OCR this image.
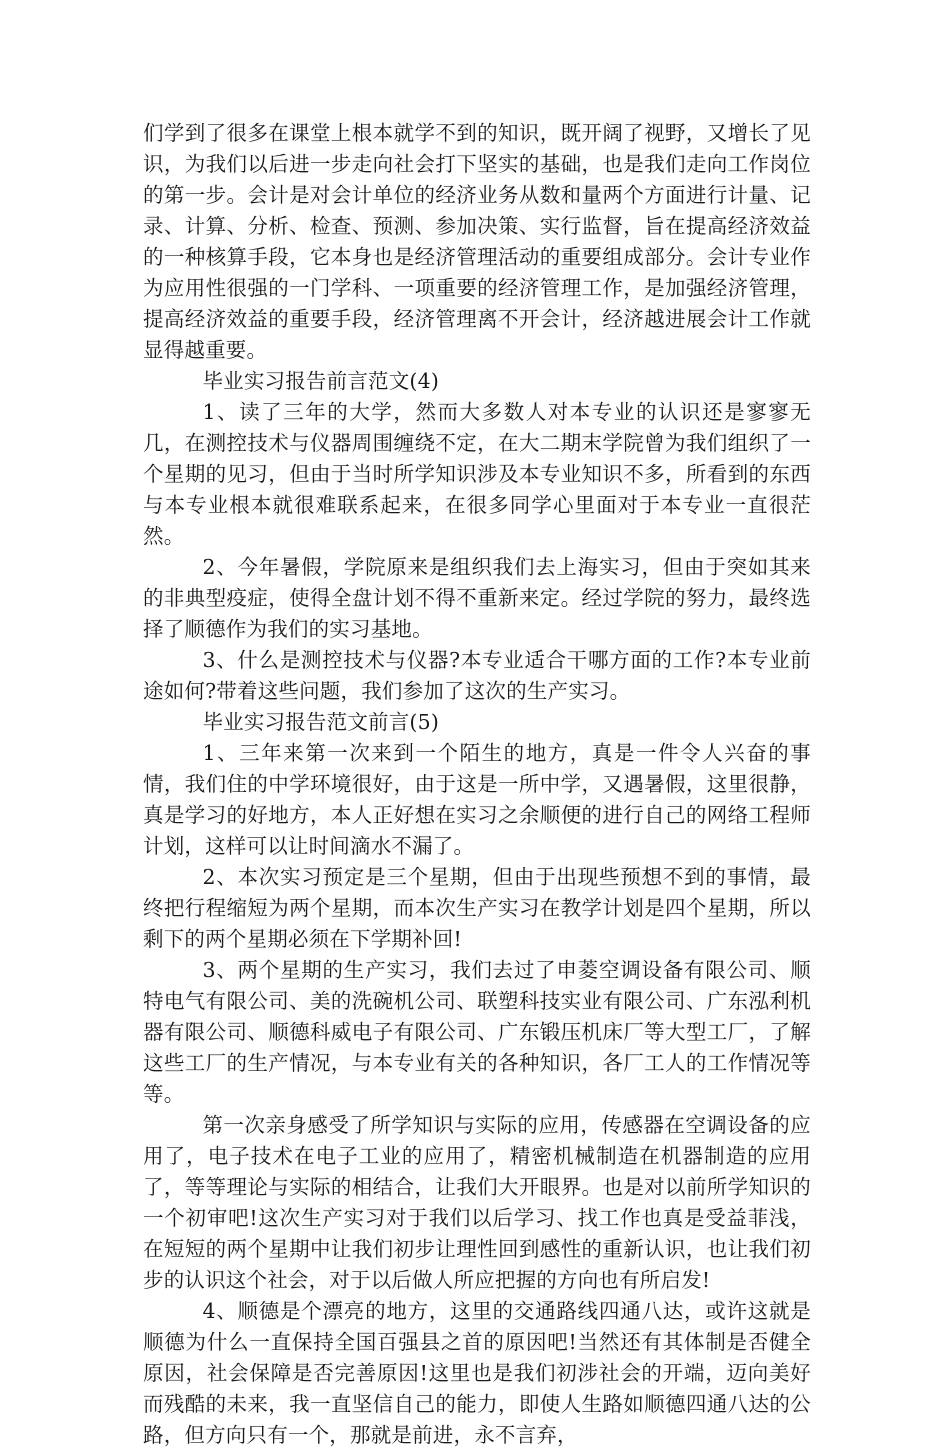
们学到了很多在课堂上根本就学不到的知识，既开阔了视野，又增长了见识，为我们以后进一步走向社会打下坚实的基础，也是我们走向工作岗位的第一步。会计是对会计单位的经济业务从数和量两个方面进行计量、记录、计算、分析、检查、预测、参加决策、实行监督，旨在提高经济效益的一种核算手段，它本身也是经济管理活动的重要组成部分。会计专业作为应用性很强的一门学科、一项重要的经济管理工作，是加强经济管理，提高经济效益的重要手段，经济管理离不开会计，经济越进展会计工作就显得越重要。

毕业实习报告前言范文(4)

1、读了三年的大学，然而大多数人对本专业的认识还是寥寥无几，在测控技术与仪器周围缠绕不定，在大二期末学院曾为我们组织了一个星期的见习，但由于当时所学知识涉及本专业知识不多，所看到的东西与本专业根本就很难联系起来，在很多同学心里面对于本专业一直很茫然。

2、今年暑假，学院原来是组织我们去上海实习，但由于突如其来的非典型疫症，使得全盘计划不得不重新来定。经过学院的努力，最终选择了顺德作为我们的实习基地。

3、什么是测控技术与仪器?本专业适合干哪方面的工作?本专业前途如何?带着这些问题，我们参加了这次的生产实习。

毕业实习报告范文前言(5)

1、三年来第一次来到一个陌生的地方，真是一件令人兴奋的事情，我们住的中学环境很好，由于这是一所中学，又遇暑假，这里很静，真是学习的好地方，本人正好想在实习之余顺便的进行自己的网络工程师计划，这样可以让时间滴水不漏了。

2、本次实习预定是三个星期，但由于出现些预想不到的事情，最终把行程缩短为两个星期，而本次生产实习在教学计划是四个星期，所以剩下的两个星期必须在下学期补回!

3、两个星期的生产实习，我们去过了申菱空调设备有限公司、顺特电气有限公司、美的洗碗机公司、联塑科技实业有限公司、广东泓利机器有限公司、顺德科威电子有限公司、广东锻压机床厂等大型工厂，了解这些工厂的生产情况，与本专业有关的各种知识，各厂工人的工作情况等等。

第一次亲身感受了所学知识与实际的应用，传感器在空调设备的应用了，电子技术在电子工业的应用了，精密机械制造在机器制造的应用了，等等理论与实际的相结合，让我们大开眼界。也是对以前所学知识的一个初审吧!这次生产实习对于我们以后学习、找工作也真是受益菲浅，在短短的两个星期中让我们初步让理性回到感性的重新认识，也让我们初步的认识这个社会，对于以后做人所应把握的方向也有所启发!

4、顺德是个漂亮的地方，这里的交通路线四通八达，或许这就是顺德为什么一直保持全国百强县之首的原因吧!当然还有其体制是否健全原因，社会保障是否完善原因!这里也是我们初涉社会的开端，迈向美好而残酷的未来，我一直坚信自己的能力，即使人生路如顺德四通八达的公路，但方向只有一个，那就是前进，永不言弃，
